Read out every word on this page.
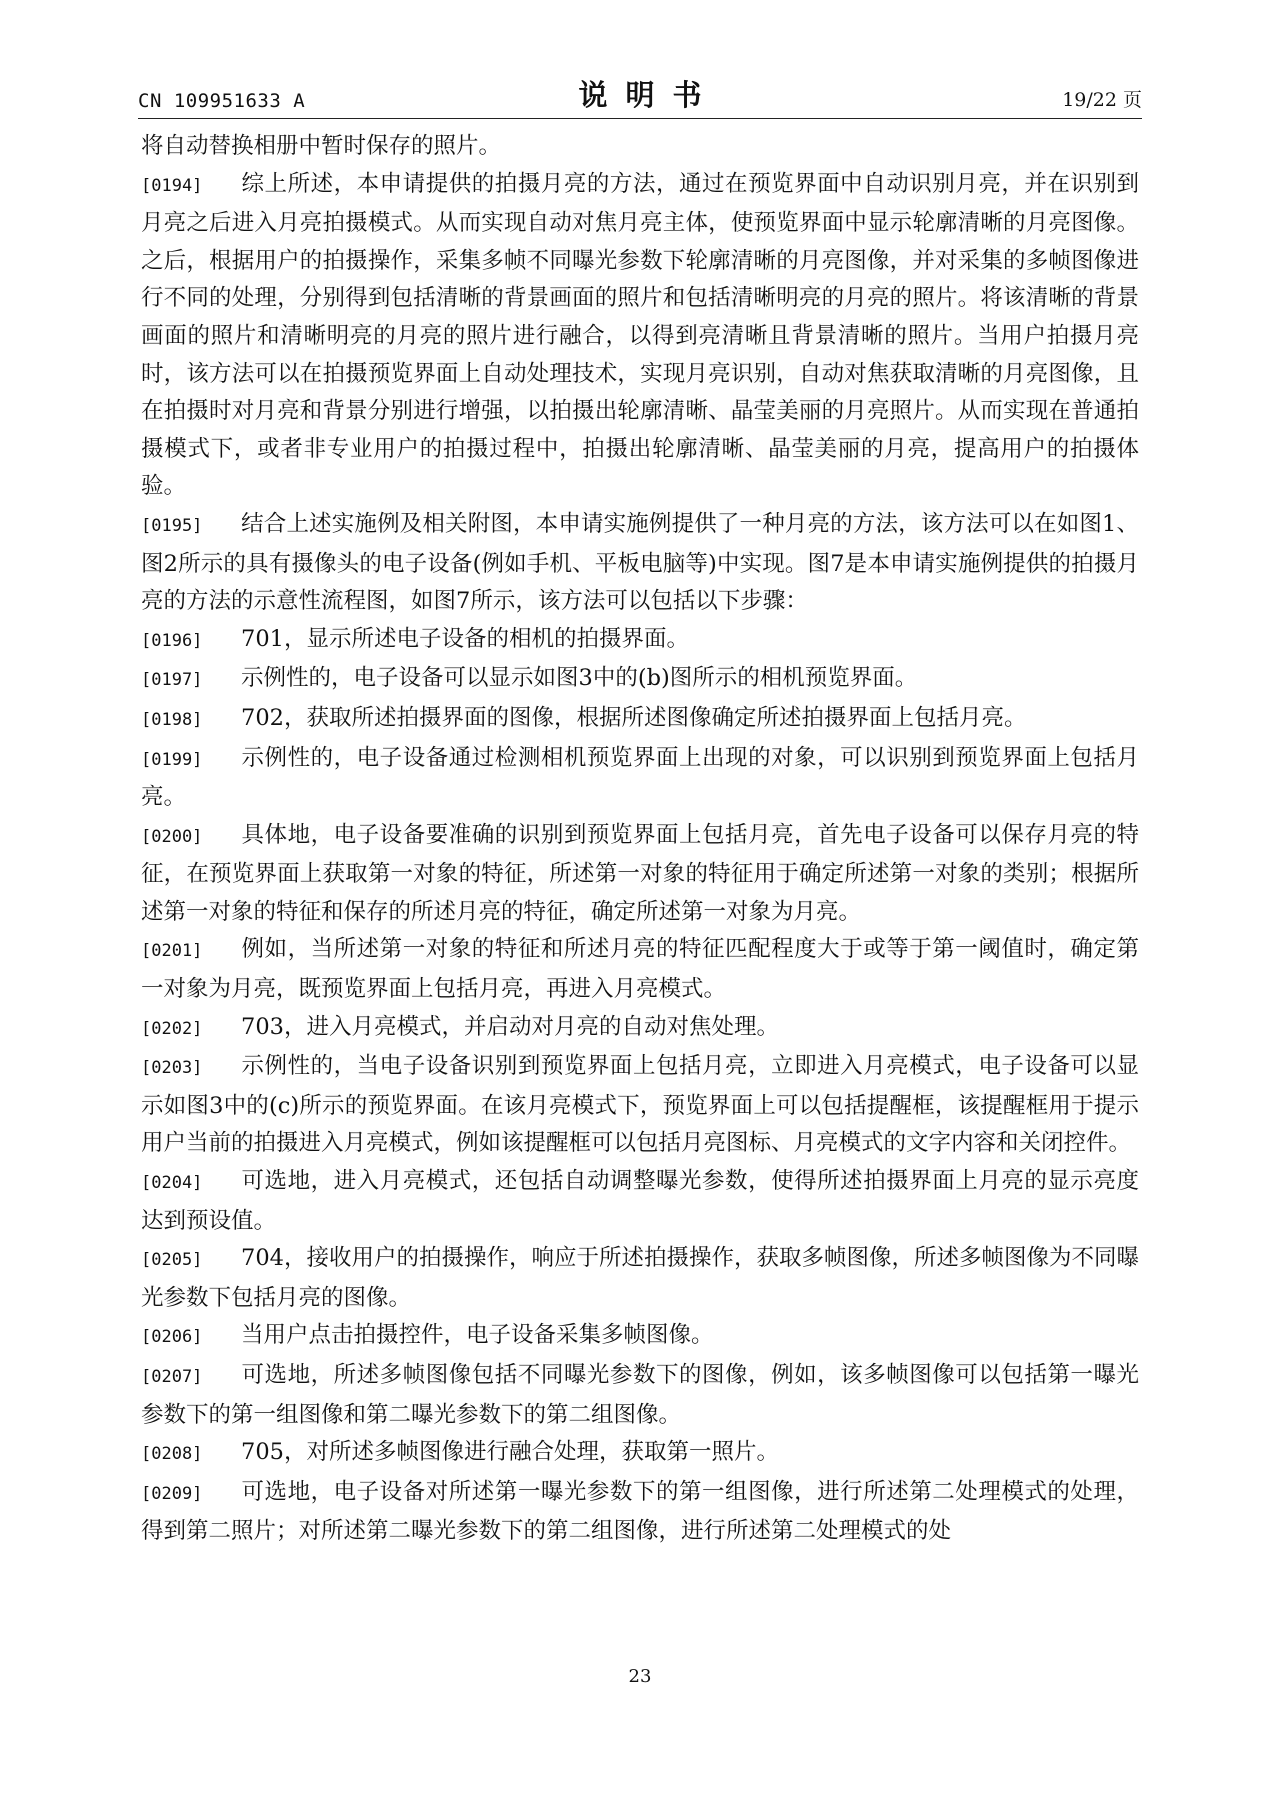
CN 109951633 A	说明书	19/22 页

将自动替换相册中暂时保存的照片。

[0194] 综上所述，本申请提供的拍摄月亮的方法，通过在预览界面中自动识别月亮，并在识别到月亮之后进入月亮拍摄模式。从而实现自动对焦月亮主体，使预览界面中显示轮廓清晰的月亮图像。之后，根据用户的拍摄操作，采集多帧不同曝光参数下轮廓清晰的月亮图像，并对采集的多帧图像进行不同的处理，分别得到包括清晰的背景画面的照片和包括清晰明亮的月亮的照片。将该清晰的背景画面的照片和清晰明亮的月亮的照片进行融合，以得到亮清晰且背景清晰的照片。当用户拍摄月亮时，该方法可以在拍摄预览界面上自动处理技术，实现月亮识别，自动对焦获取清晰的月亮图像，且在拍摄时对月亮和背景分别进行增强，以拍摄出轮廓清晰、晶莹美丽的月亮照片。从而实现在普通拍摄模式下，或者非专业用户的拍摄过程中，拍摄出轮廓清晰、晶莹美丽的月亮，提高用户的拍摄体验。

[0195] 结合上述实施例及相关附图，本申请实施例提供了一种月亮的方法，该方法可以在如图1、图2所示的具有摄像头的电子设备(例如手机、平板电脑等)中实现。图7是本申请实施例提供的拍摄月亮的方法的示意性流程图，如图7所示，该方法可以包括以下步骤：

[0196] 701，显示所述电子设备的相机的拍摄界面。

[0197] 示例性的，电子设备可以显示如图3中的(b)图所示的相机预览界面。

[0198] 702，获取所述拍摄界面的图像，根据所述图像确定所述拍摄界面上包括月亮。

[0199] 示例性的，电子设备通过检测相机预览界面上出现的对象，可以识别到预览界面上包括月亮。

[0200] 具体地，电子设备要准确的识别到预览界面上包括月亮，首先电子设备可以保存月亮的特征，在预览界面上获取第一对象的特征，所述第一对象的特征用于确定所述第一对象的类别；根据所述第一对象的特征和保存的所述月亮的特征，确定所述第一对象为月亮。

[0201] 例如，当所述第一对象的特征和所述月亮的特征匹配程度大于或等于第一阈值时，确定第一对象为月亮，既预览界面上包括月亮，再进入月亮模式。

[0202] 703，进入月亮模式，并启动对月亮的自动对焦处理。

[0203] 示例性的，当电子设备识别到预览界面上包括月亮，立即进入月亮模式，电子设备可以显示如图3中的(c)所示的预览界面。在该月亮模式下，预览界面上可以包括提醒框，该提醒框用于提示用户当前的拍摄进入月亮模式，例如该提醒框可以包括月亮图标、月亮模式的文字内容和关闭控件。

[0204] 可选地，进入月亮模式，还包括自动调整曝光参数，使得所述拍摄界面上月亮的显示亮度达到预设值。

[0205] 704，接收用户的拍摄操作，响应于所述拍摄操作，获取多帧图像，所述多帧图像为不同曝光参数下包括月亮的图像。

[0206] 当用户点击拍摄控件，电子设备采集多帧图像。

[0207] 可选地，所述多帧图像包括不同曝光参数下的图像，例如，该多帧图像可以包括第一曝光参数下的第一组图像和第二曝光参数下的第二组图像。

[0208] 705，对所述多帧图像进行融合处理，获取第一照片。

[0209] 可选地，电子设备对所述第一曝光参数下的第一组图像，进行所述第二处理模式的处理，得到第二照片；对所述第二曝光参数下的第二组图像，进行所述第二处理模式的处

23
